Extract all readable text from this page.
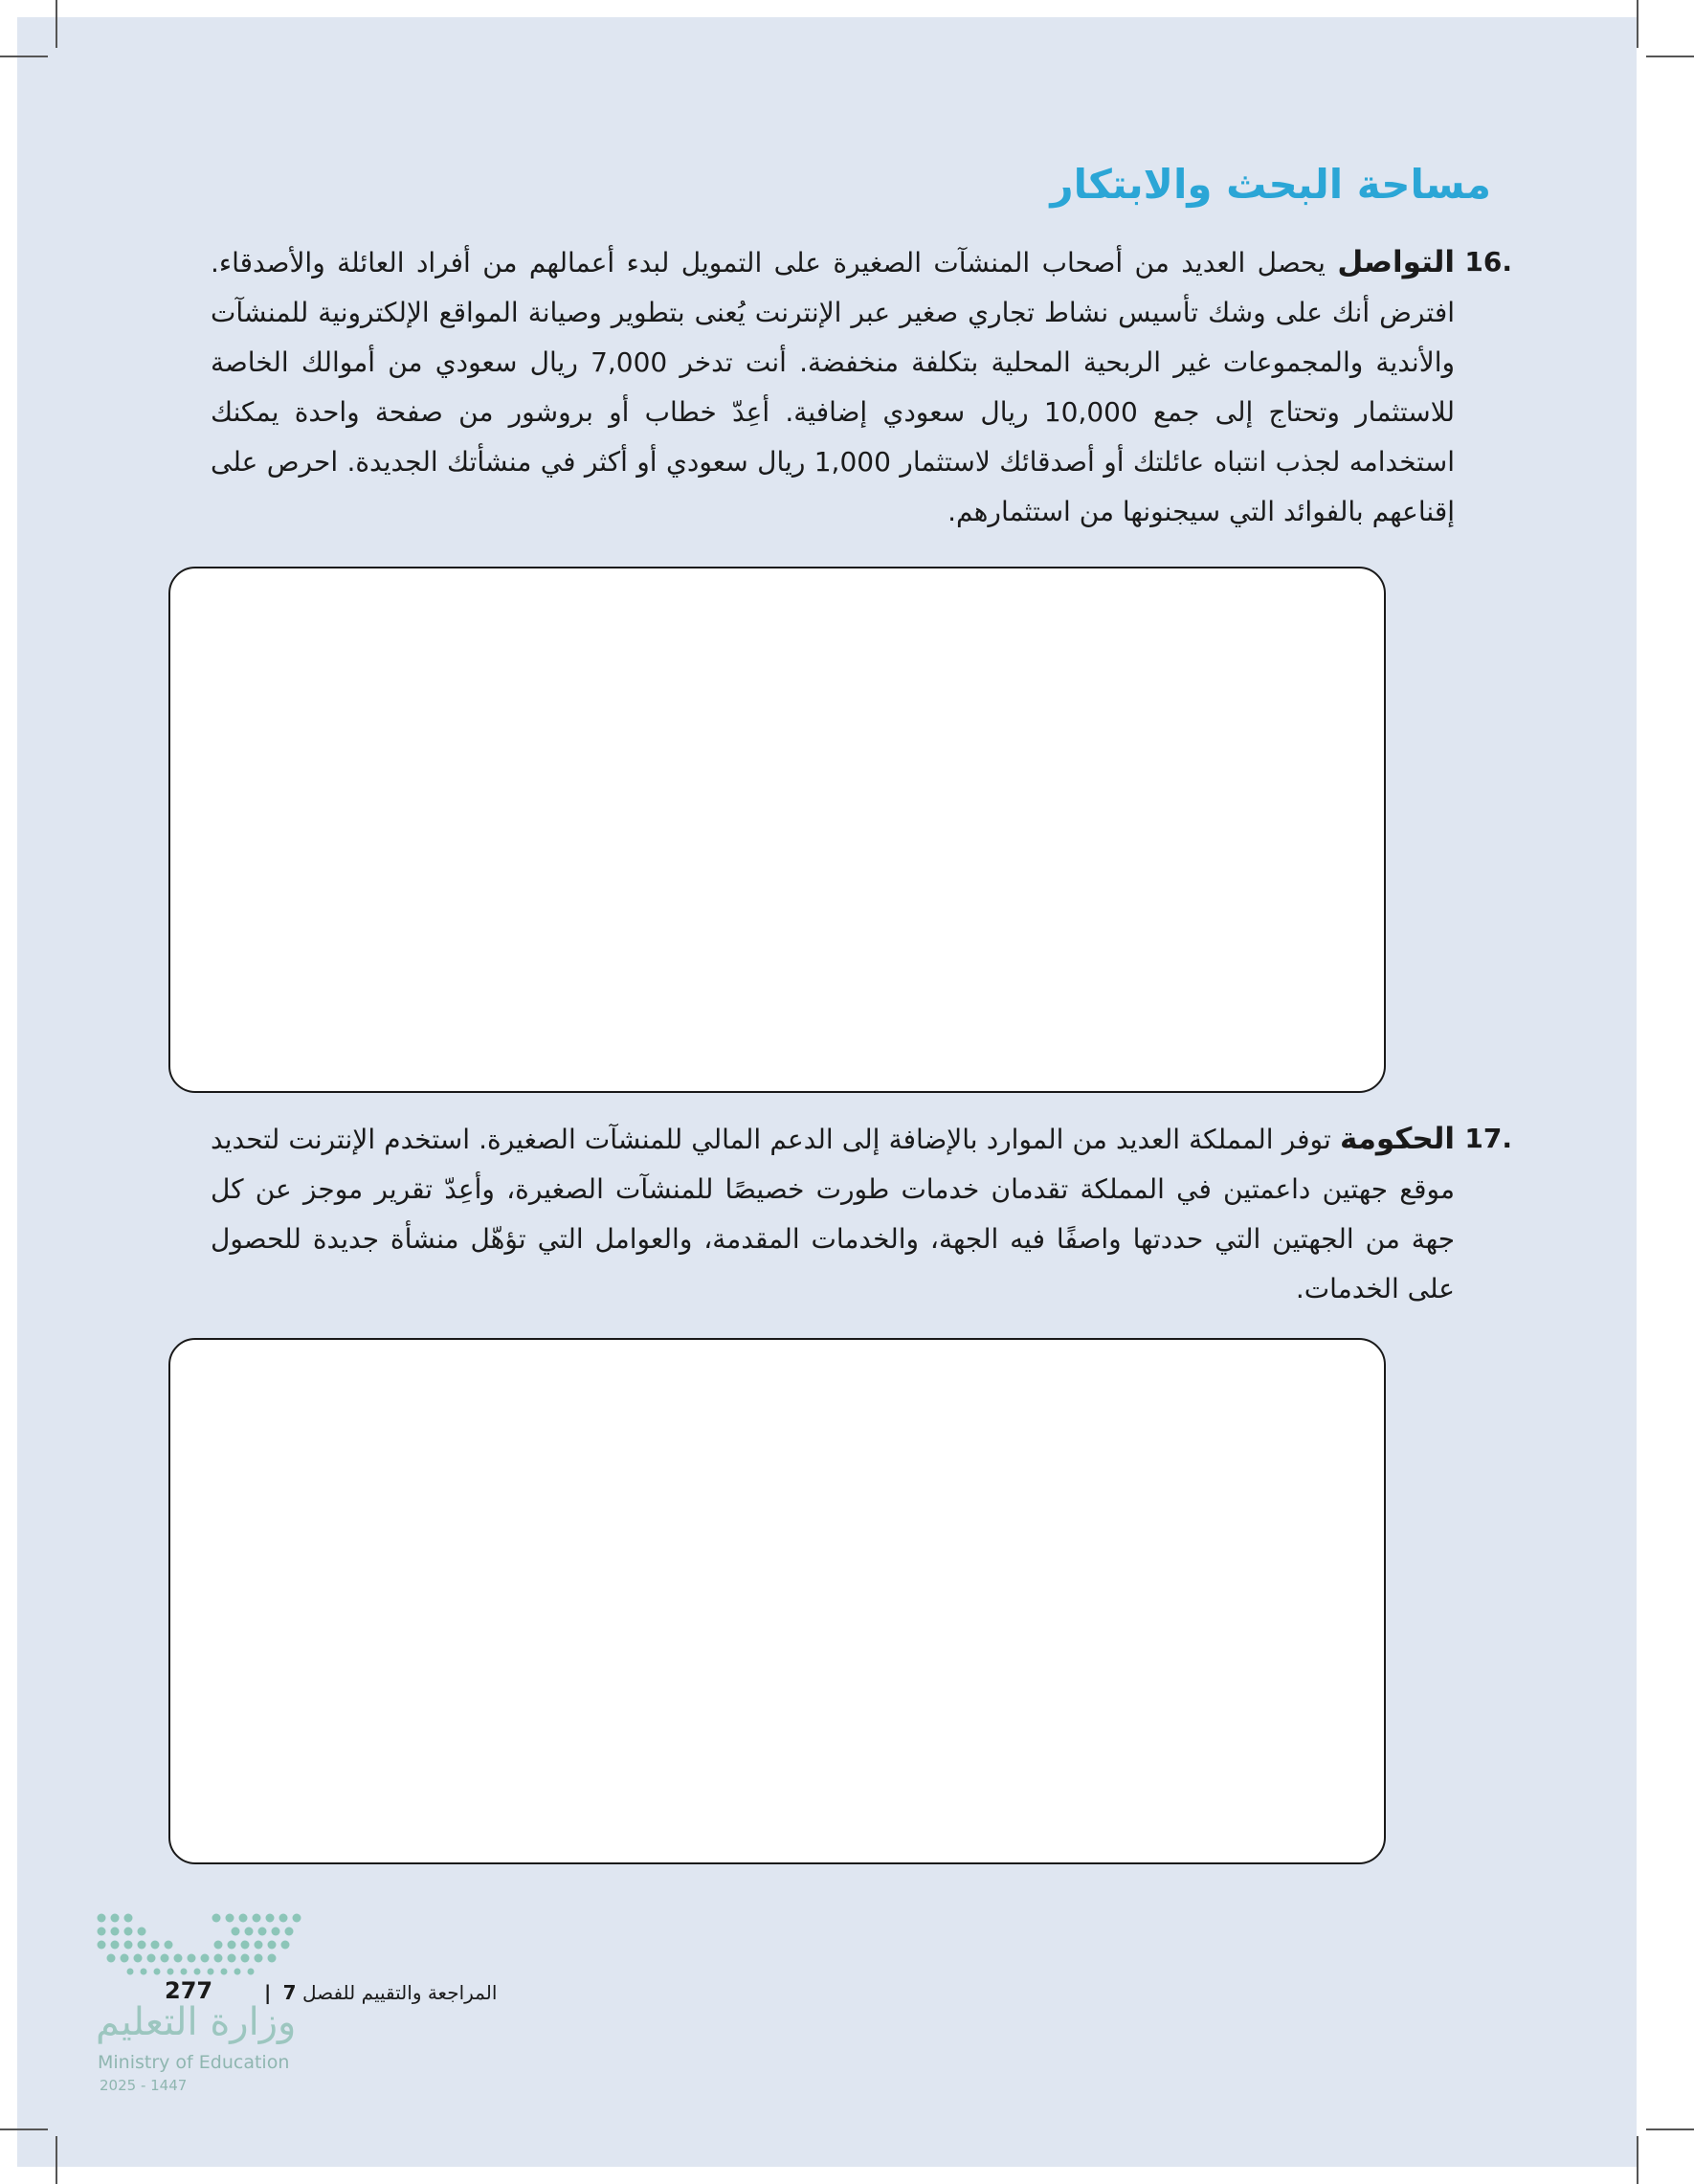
مساحة البحث والابتكار

16.
التواصل يحصل العديد من أصحاب المنشآت الصغيرة على التمويل لبدء أعمالهم من أفراد العائلة والأصدقاء. افترض أنك على وشك تأسيس نشاط تجاري صغير عبر الإنترنت يُعنى بتطوير وصيانة المواقع الإلكترونية للمنشآت والأندية والمجموعات غير الربحية المحلية بتكلفة منخفضة. أنت تدخر 7,000 ريال سعودي من أموالك الخاصة للاستثمار وتحتاج إلى جمع 10,000 ريال سعودي إضافية. أعِدّ خطاب أو بروشور من صفحة واحدة يمكنك استخدامه لجذب انتباه عائلتك أو أصدقائك لاستثمار 1,000 ريال سعودي أو أكثر في منشأتك الجديدة. احرص على إقناعهم بالفوائد التي سيجنونها من استثمارهم.

17.
الحكومة توفر المملكة العديد من الموارد بالإضافة إلى الدعم المالي للمنشآت الصغيرة. استخدم الإنترنت لتحديد موقع جهتين داعمتين في المملكة تقدمان خدمات طورت خصيصًا للمنشآت الصغيرة، وأعِدّ تقرير موجز عن كل جهة من الجهتين التي حددتها واصفًا فيه الجهة، والخدمات المقدمة، والعوامل التي تؤهّل منشأة جديدة للحصول على الخدمات.

وزارة التعليم
Ministry of Education
2025 - 1447
277	المراجعة والتقييم للفصل 7 |
